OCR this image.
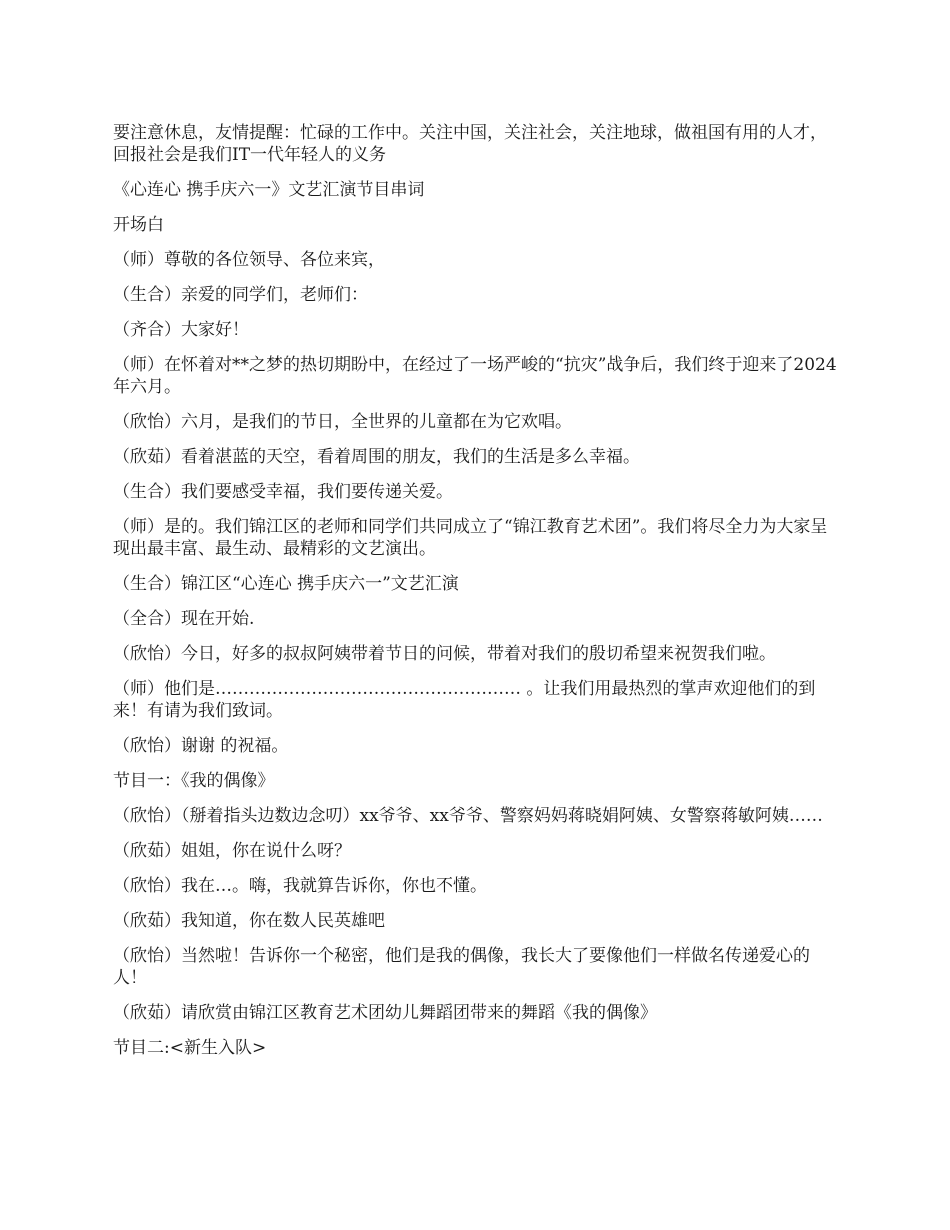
要注意休息，友情提醒：忙碌的工作中。关注中国，关注社会，关注地球，做祖国有用的人才，回报社会是我们IT一代年轻人的义务

《心连心 携手庆六一》文艺汇演节目串词

开场白

（师）尊敬的各位领导、各位来宾，

（生合）亲爱的同学们，老师们：

（齐合）大家好！

（师）在怀着对**之梦的热切期盼中，在经过了一场严峻的“抗灾”战争后，我们终于迎来了2024年六月。

（欣怡）六月，是我们的节日，全世界的儿童都在为它欢唱。

（欣茹）看着湛蓝的天空，看着周围的朋友，我们的生活是多么幸福。

（生合）我们要感受幸福，我们要传递关爱。

（师）是的。我们锦江区的老师和同学们共同成立了“锦江教育艺术团”。我们将尽全力为大家呈现出最丰富、最生动、最精彩的文艺演出。

（生合）锦江区“心连心 携手庆六一”文艺汇演

（全合）现在开始.

（欣怡）今日，好多的叔叔阿姨带着节日的问候，带着对我们的殷切希望来祝贺我们啦。

（师）他们是……………………………………………… 。让我们用最热烈的掌声欢迎他们的到来！有请为我们致词。

（欣怡）谢谢 的祝福。

节目一：《我的偶像》

（欣怡）（掰着指头边数边念叨）xx爷爷、xx爷爷、警察妈妈蒋晓娟阿姨、女警察蒋敏阿姨……

（欣茹）姐姐，你在说什么呀？

（欣怡）我在…。嗨，我就算告诉你，你也不懂。

（欣茹）我知道，你在数人民英雄吧

（欣怡）当然啦！告诉你一个秘密，他们是我的偶像，我长大了要像他们一样做名传递爱心的人！

（欣茹）请欣赏由锦江区教育艺术团幼儿舞蹈团带来的舞蹈《我的偶像》

节目二:<新生入队>
